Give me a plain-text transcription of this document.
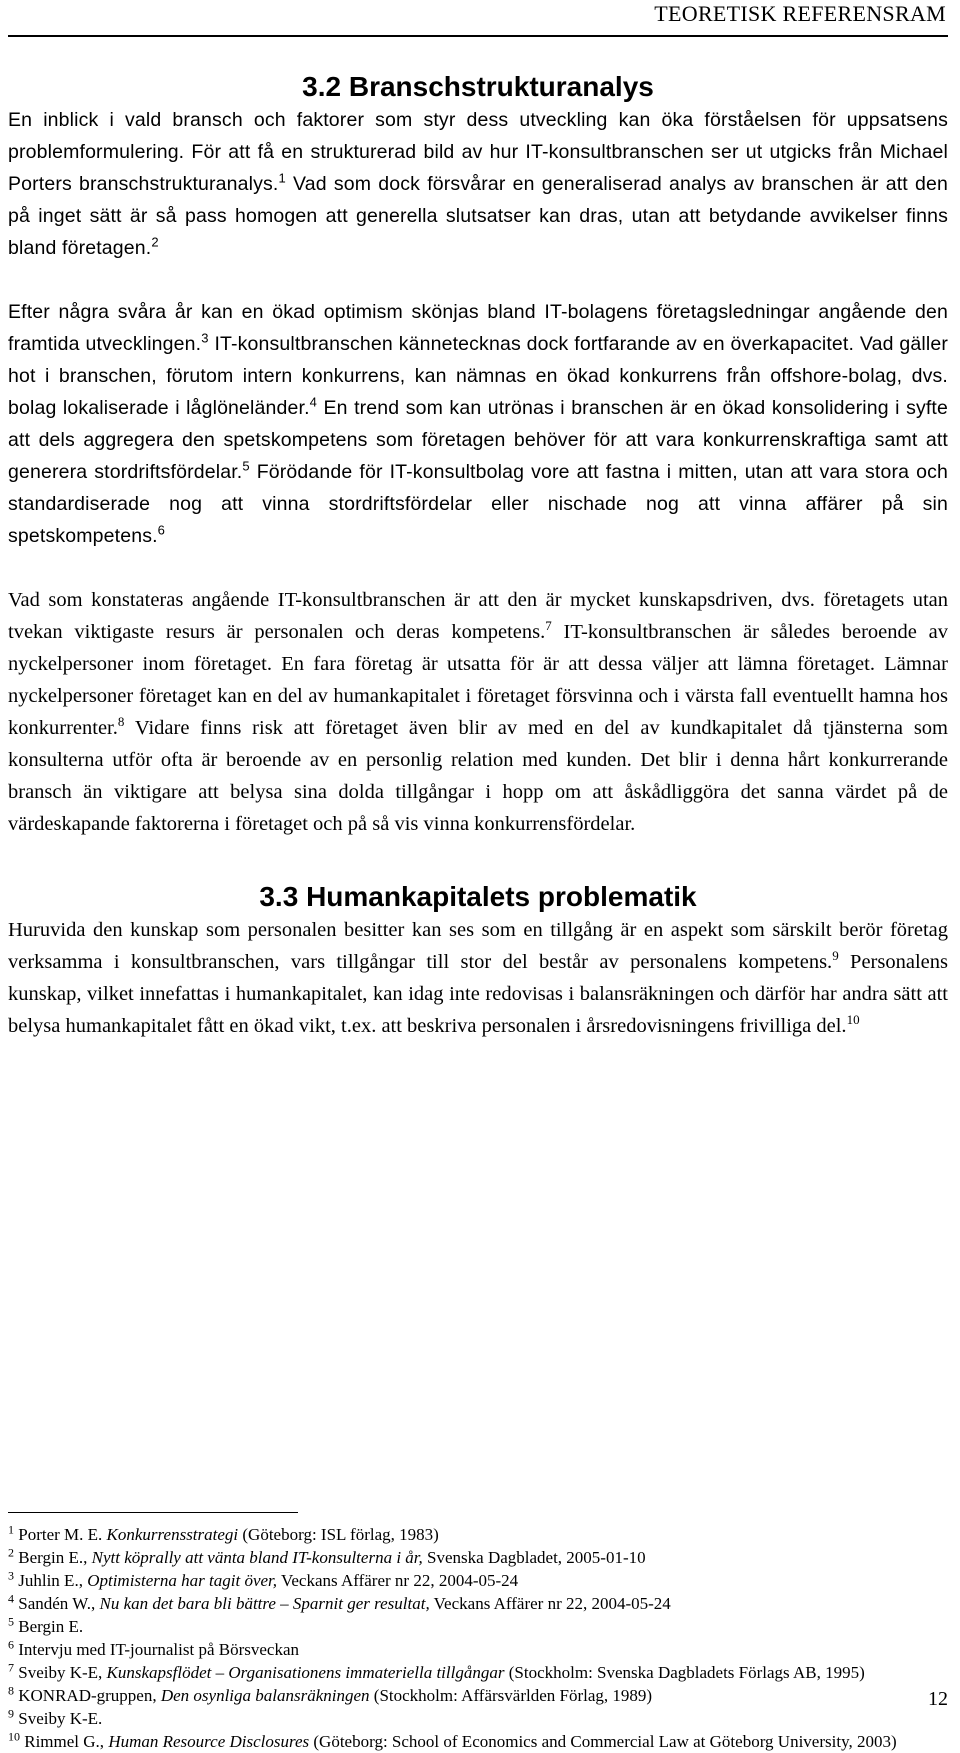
TEORETISK REFERENSRAM
3.2 Branschstrukturanalys

En inblick i vald bransch och faktorer som styr dess utveckling kan öka förståelsen för uppsatsens problemformulering. För att få en strukturerad bild av hur IT-konsultbranschen ser ut utgicks från Michael Porters branschstrukturanalys.$^1$ Vad som dock försvårar en generaliserad analys av branschen är att den på inget sätt är så pass homogen att generella slutsatser kan dras, utan att betydande avvikelser finns bland företagen.$^2$

Efter några svåra år kan en ökad optimism skönjas bland IT-bolagens företagsledningar angående den framtida utvecklingen.$^3$ IT-konsultbranschen kännetecknas dock fortfarande av en överkapacitet. Vad gäller hot i branschen, förutom intern konkurrens, kan nämnas en ökad konkurrens från offshore-bolag, dvs. bolag lokaliserade i låglöneländer.$^4$ En trend som kan utrönas i branschen är en ökad konsolidering i syfte att dels aggregera den spetskompetens som företagen behöver för att vara konkurrenskraftiga samt att generera stordriftsfördelar.$^5$ Förödande för IT-konsultbolag vore att fastna i mitten, utan att vara stora och standardiserade nog att vinna stordriftsfördelar eller nischade nog att vinna affärer på sin spetskompetens.$^6$

Vad som konstateras angående IT-konsultbranschen är att den är mycket kunskapsdriven, dvs. företagets utan tvekan viktigaste resurs är personalen och deras kompetens.$^7$ IT-konsultbranschen är således beroende av nyckelpersoner inom företaget. En fara företag är utsatta för är att dessa väljer att lämna företaget. Lämnar nyckelpersoner företaget kan en del av humankapitalet i företaget försvinna och i värsta fall eventuellt hamna hos konkurrenter.$^8$ Vidare finns risk att företaget även blir av med en del av kundkapitalet då tjänsterna som konsulterna utför ofta är beroende av en personlig relation med kunden. Det blir i denna hårt konkurrerande bransch än viktigare att belysa sina dolda tillgångar i hopp om att åskådliggöra det sanna värdet på de värdeskapande faktorerna i företaget och på så vis vinna konkurrensfördelar.

3.3 Humankapitalets problematik

Huruvida den kunskap som personalen besitter kan ses som en tillgång är en aspekt som särskilt berör företag verksamma i konsultbranschen, vars tillgångar till stor del består av personalens kompetens.$^9$ Personalens kunskap, vilket innefattas i humankapitalet, kan idag inte redovisas i balansräkningen och därför har andra sätt att belysa humankapitalet fått en ökad vikt, t.ex. att beskriva personalen i årsredovisningens frivilliga del.$^{10}$

$^1$ Porter M. E. Konkurrensstrategi (Göteborg: ISL förlag, 1983)

$^2$ Bergin E., Nytt köprally att vänta bland IT-konsulterna i år, Svenska Dagbladet, 2005-01-10

$^3$ Juhlin E., Optimisterna har tagit över, Veckans Affärer nr 22, 2004-05-24

$^4$ Sandén W., Nu kan det bara bli bättre – Sparnit ger resultat, Veckans Affärer nr 22, 2004-05-24

$^5$ Bergin E.

$^6$ Intervju med IT-journalist på Börsveckan

$^7$ Sveiby K-E, Kunskapsflödet – Organisationens immateriella tillgångar (Stockholm: Svenska Dagbladets Förlags AB, 1995)

$^8$ KONRAD-gruppen, Den osynliga balansräkningen (Stockholm: Affärsvärlden Förlag, 1989)

$^9$ Sveiby K-E.

$^{10}$ Rimmel G., Human Resource Disclosures (Göteborg: School of Economics and Commercial Law at Göteborg University, 2003)

12
